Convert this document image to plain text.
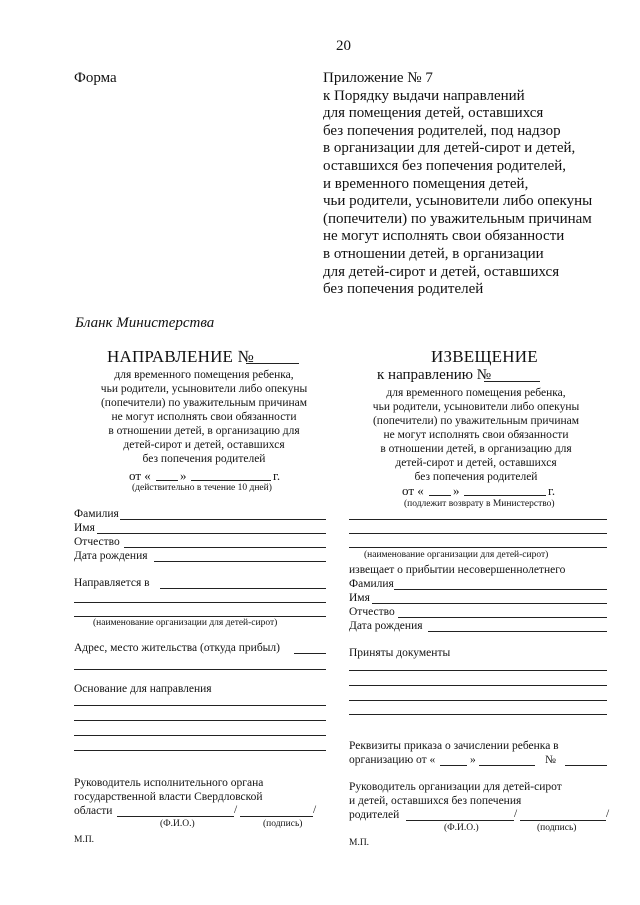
20
Форма	Приложение № 7
к Порядку выдачи направлений
для помещения детей, оставшихся
без попечения родителей, под надзор
в организации для детей-сирот и детей,
оставшихся без попечения родителей,
и временного помещения детей,
чьи родители, усыновители либо опекуны
(попечители) по уважительным причинам
не могут исполнять свои обязанности
в отношении детей, в организации
для детей-сирот и детей, оставшихся
без попечения родителей
Бланк Министерства
НАПРАВЛЕНИЕ №
для временного помещения ребенка,
чьи родители, усыновители либо опекуны
(попечители) по уважительным причинам
не могут исполнять свои обязанности
в отношении детей, в организацию для
детей-сирот и детей, оставшихся
без попечения родителей
от « »	г.
(действительно в течение 10 дней)
Фамилия
Имя
Отчество
Дата рождения
Направляется в
(наименование организации для детей-сирот)
Адрес, место жительства (откуда прибыл)
Основание для направления
Руководитель исполнительного органа
государственной власти Свердловской
области	/	/
(Ф.И.О.)	(подпись)
М.П.
ИЗВЕЩЕНИЕ
к направлению №
для временного помещения ребенка,
чьи родители, усыновители либо опекуны
(попечители) по уважительным причинам
не могут исполнять свои обязанности
в отношении детей, в организацию для
детей-сирот и детей, оставшихся
без попечения родителей
от « »	г.
(подлежит возврату в Министерство)
(наименование организации для детей-сирот)
извещает о прибытии несовершеннолетнего
Фамилия
Имя
Отчество
Дата рождения
Приняты документы
Реквизиты приказа о зачислении ребенка в
организацию от «	»	№
Руководитель организации для детей-сирот
и детей, оставшихся без попечения
родителей	/	/
(Ф.И.О.)	(подпись)
М.П.
